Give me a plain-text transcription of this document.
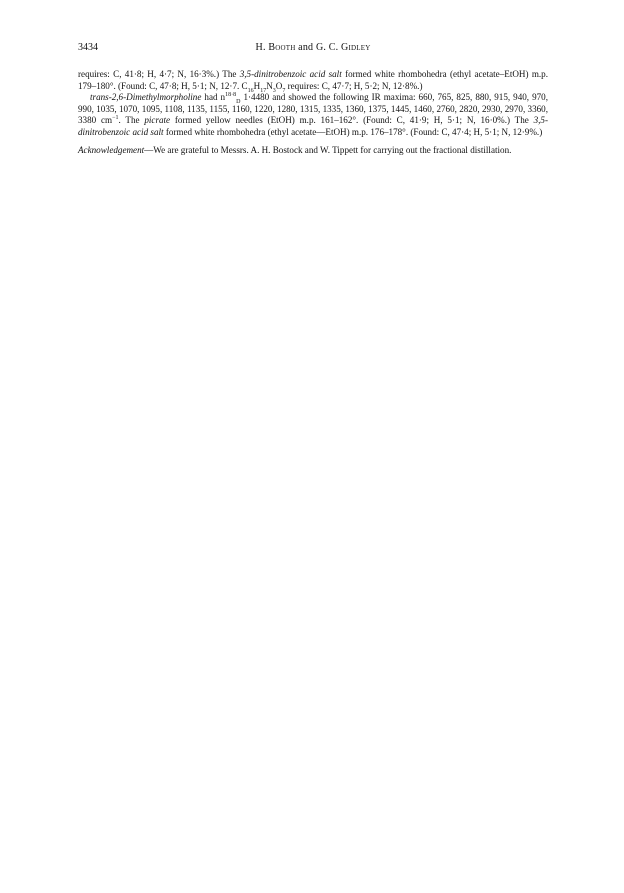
3434	H. Booth and G. C. Gidley

requires: C, 41·8; H, 4·7; N, 16·3%.) The 3,5-dinitrobenzoic acid salt formed white rhombohedra (ethyl acetate–EtOH) m.p. 179–180°. (Found: C, 47·8; H, 5·1; N, 12·7. $C_{16}H_{17}N_3O_7$ requires: C, 47·7; H, 5·2; N, 12·8%.)

trans-2,6-Dimethylmorpholine had $n^{18\cdot 8}_D$ 1·4480 and showed the following IR maxima: 660, 765, 825, 880, 915, 940, 970, 990, 1035, 1070, 1095, 1108, 1135, 1155, 1160, 1220, 1280, 1315, 1335, 1360, 1375, 1445, 1460, 2760, 2820, 2930, 2970, 3360, 3380 $cm^{-1}$. The picrate formed yellow needles (EtOH) m.p. 161–162°. (Found: C, 41·9; H, 5·1; N, 16·0%.) The 3,5-dinitrobenzoic acid salt formed white rhombohedra (ethyl acetate—EtOH) m.p. 176–178°. (Found: C, 47·4; H, 5·1; N, 12·9%.)

Acknowledgement—We are grateful to Messrs. A. H. Bostock and W. Tippett for carrying out the fractional distillation.
